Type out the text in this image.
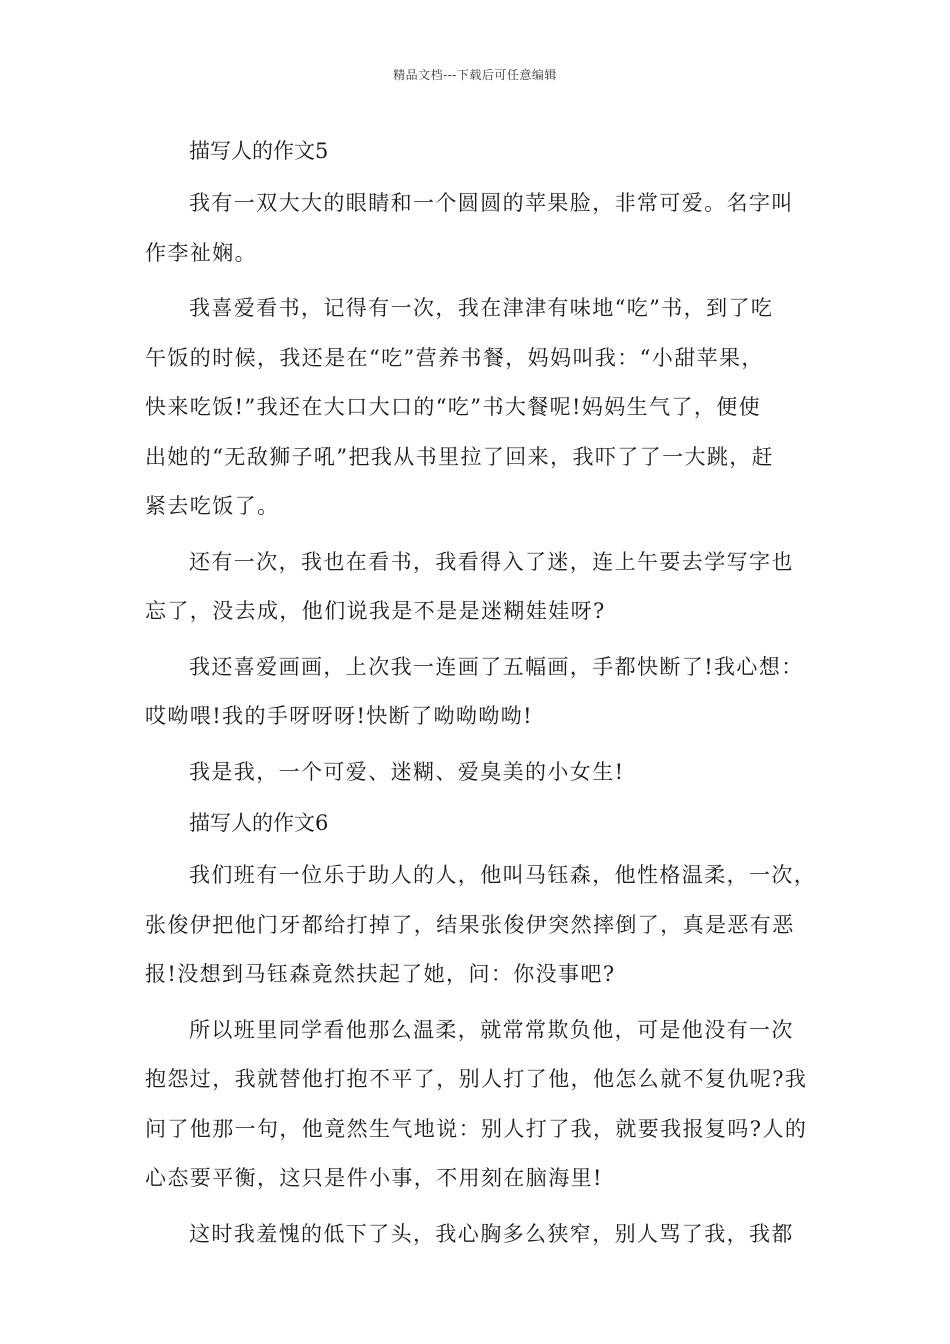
精品文档---下载后可任意编辑
描写人的作文5
我有一双大大的眼睛和一个圆圆的苹果脸，非常可爱。名字叫
作李祉娴。
我喜爱看书，记得有一次，我在津津有味地“吃”书，到了吃
午饭的时候，我还是在“吃”营养书餐，妈妈叫我：“小甜苹果，
快来吃饭!”我还在大口大口的“吃”书大餐呢!妈妈生气了，便使
出她的“无敌狮子吼”把我从书里拉了回来，我吓了了一大跳，赶
紧去吃饭了。
还有一次，我也在看书，我看得入了迷，连上午要去学写字也
忘了，没去成，他们说我是不是是迷糊娃娃呀?
我还喜爱画画，上次我一连画了五幅画，手都快断了!我心想：
哎呦喂!我的手呀呀呀!快断了呦呦呦呦!
我是我，一个可爱、迷糊、爱臭美的小女生!
描写人的作文6
我们班有一位乐于助人的人，他叫马钰森，他性格温柔，一次，
张俊伊把他门牙都给打掉了，结果张俊伊突然摔倒了，真是恶有恶
报!没想到马钰森竟然扶起了她，问：你没事吧?
所以班里同学看他那么温柔，就常常欺负他，可是他没有一次
抱怨过，我就替他打抱不平了，别人打了他，他怎么就不复仇呢?我
问了他那一句，他竟然生气地说：别人打了我，就要我报复吗?人的
心态要平衡，这只是件小事，不用刻在脑海里!
这时我羞愧的低下了头，我心胸多么狭窄，别人骂了我，我都
